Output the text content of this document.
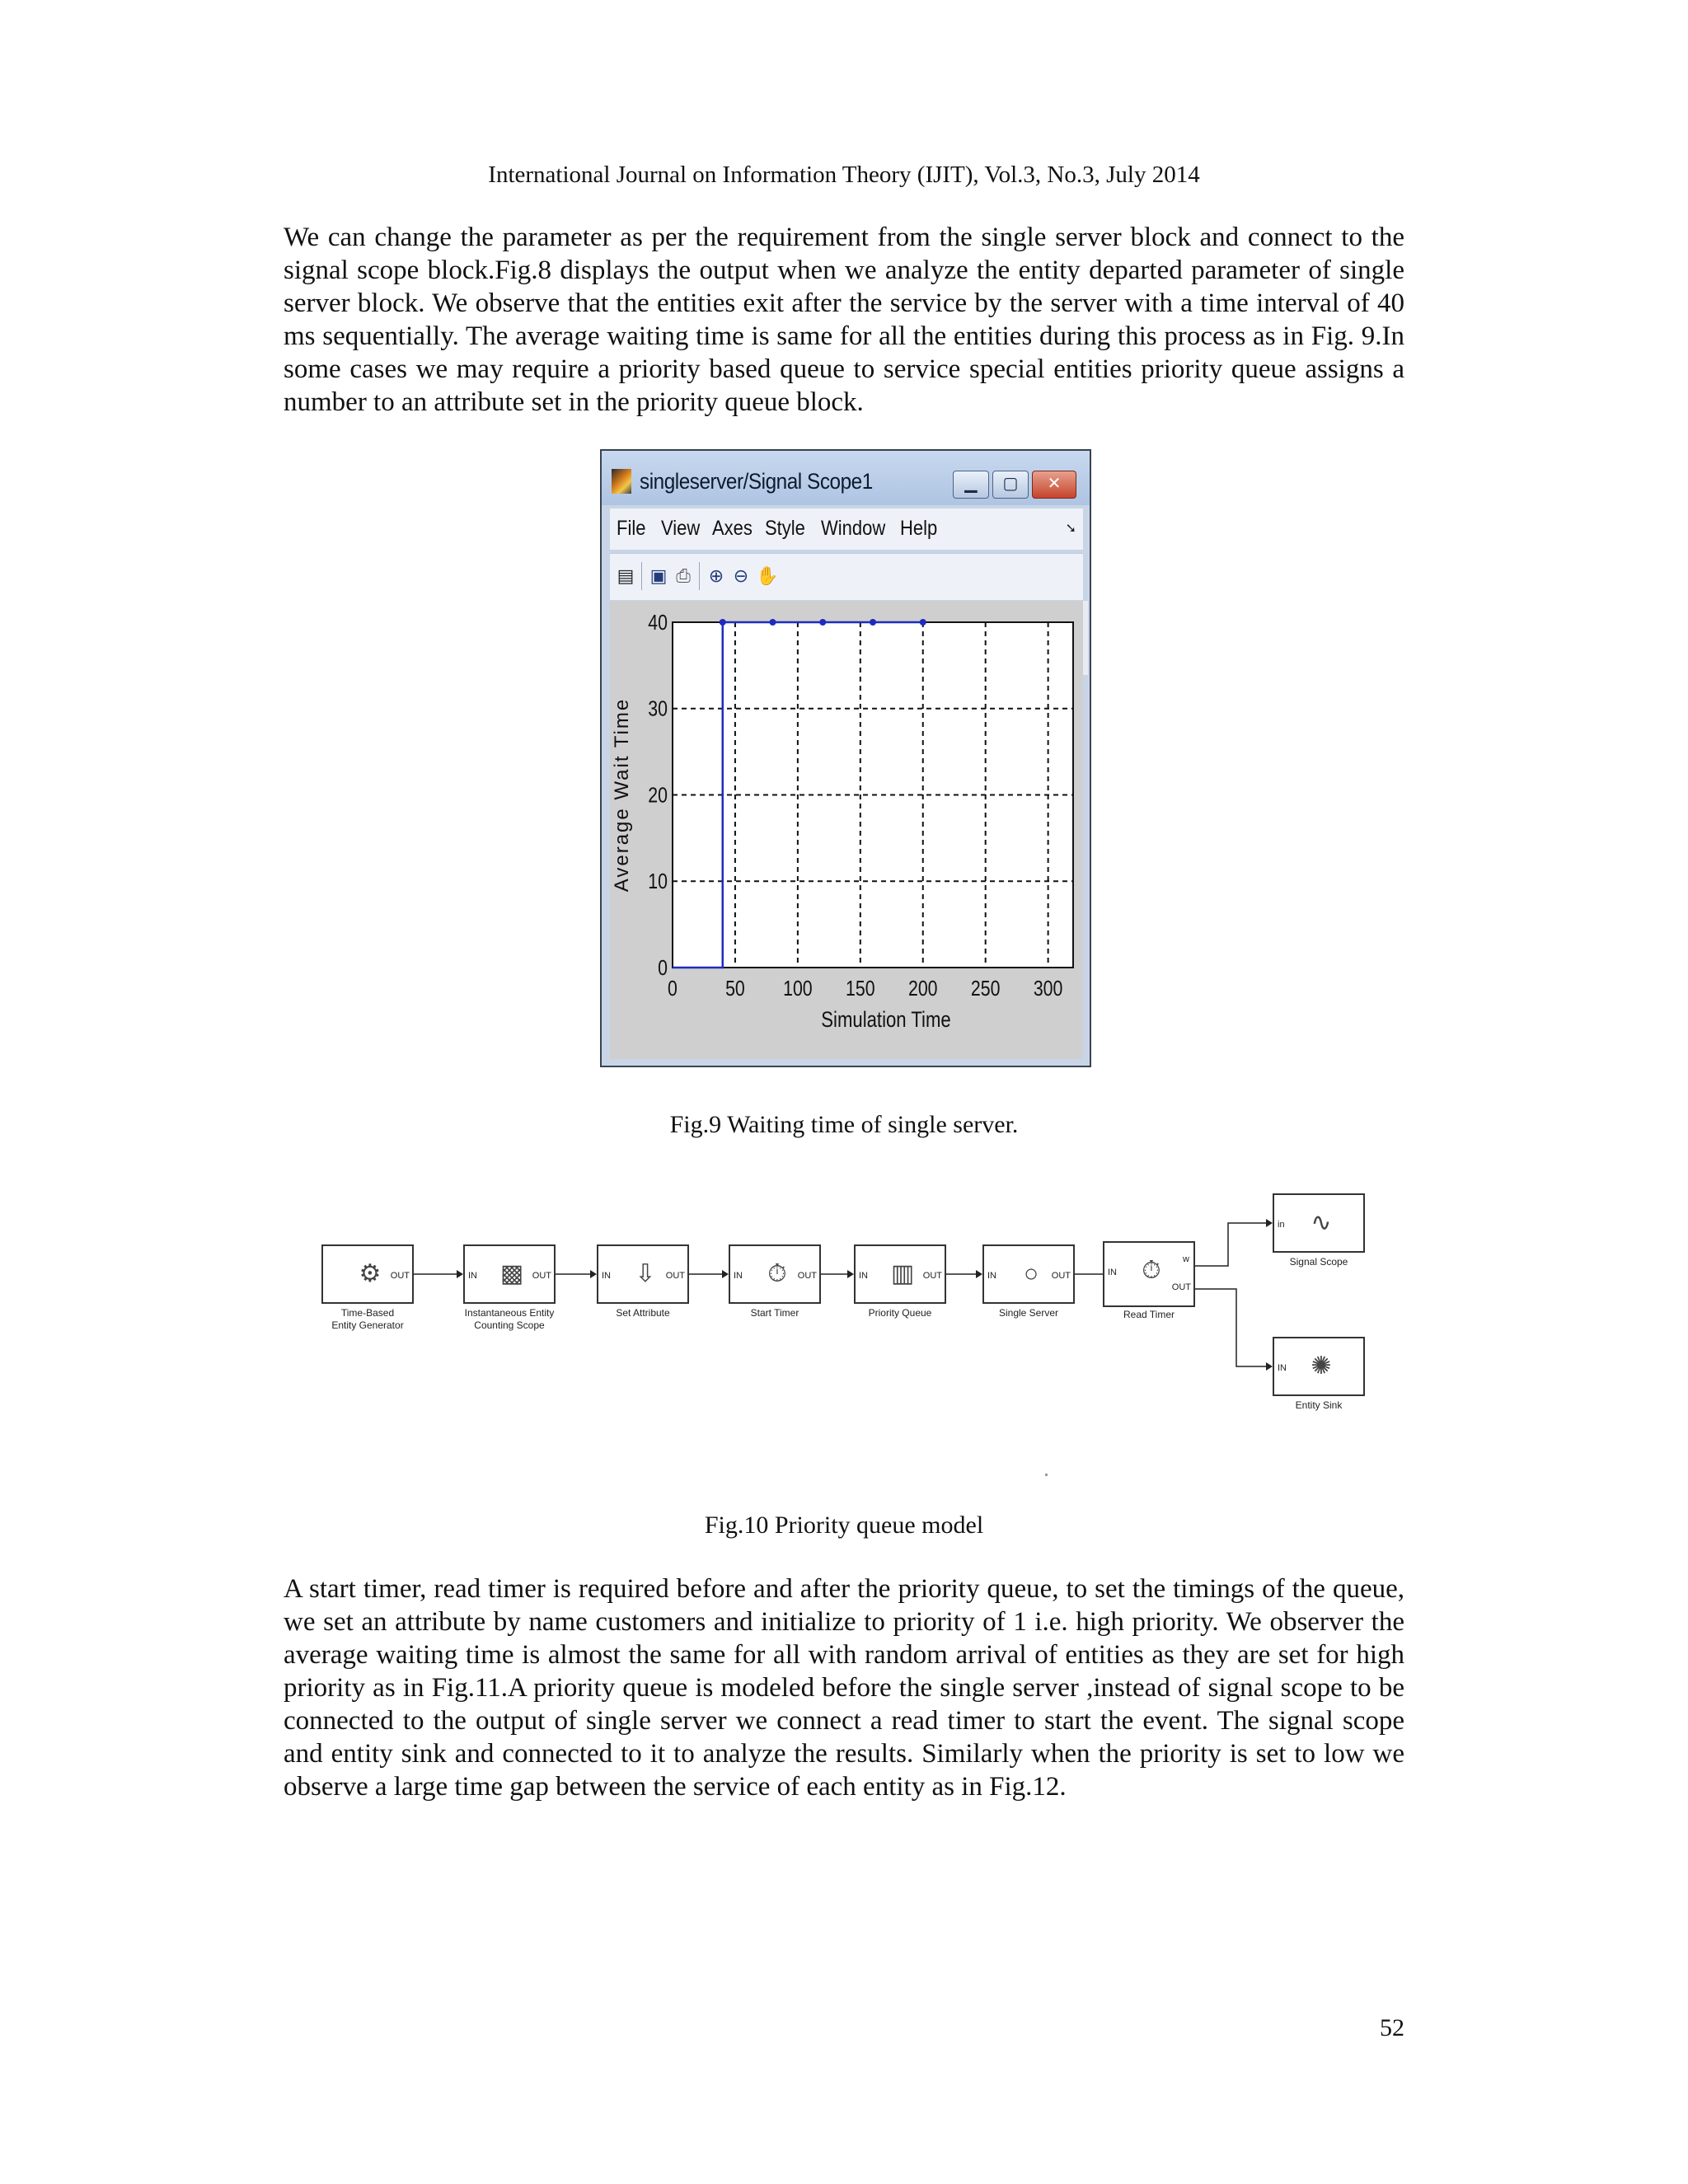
International Journal on Information Theory (IJIT), Vol.3, No.3, July 2014

We can change the parameter as per the requirement from the single server block and connect to the signal scope block.Fig.8 displays the output when we analyze the entity departed parameter of single server block. We observe that the entities exit after the service by the server with a time interval of 40 ms sequentially. The average waiting time is same for all the entities during this process as in Fig. 9.In some cases we may require a priority based queue to service special entities priority queue assigns a number to an attribute set in the priority queue block.

singleserver/Signal Scope1	▁	▢	✕
File View Axes Style Window Help	➘
▤ ▣ ⎙ ⊕ ⊖ ✋
0 50 100 150 200 250 300
0
10
20
30
40
Simulation Time
Average Wait Time
Fig.9 Waiting time of single server.
⚙	OUT
Time-Based
Entity Generator
IN ▩ OUT
Instantaneous Entity
Counting Scope
IN ⇩	OUT
Set Attribute
IN ⏱	OUT
Start Timer
IN ▥ OUT
Priority Queue
IN	○	OUT
Single Server
IN ⏱	w
OUT
Read Timer
in ∿
Signal Scope
IN ✺
Entity Sink
Fig.10 Priority queue model

A start timer, read timer is required before and after the priority queue, to set the timings of the queue, we set an attribute by name customers and initialize to priority of 1 i.e. high priority. We observer the average waiting time is almost the same for all with random arrival of entities as they are set for high priority as in Fig.11.A priority queue is modeled before the single server ,instead of signal scope to be connected to the output of single server we connect a read timer to start the event. The signal scope and entity sink and connected to it to analyze the results. Similarly when the priority is set to low we observe a large time gap between the service of each entity as in Fig.12.

52
